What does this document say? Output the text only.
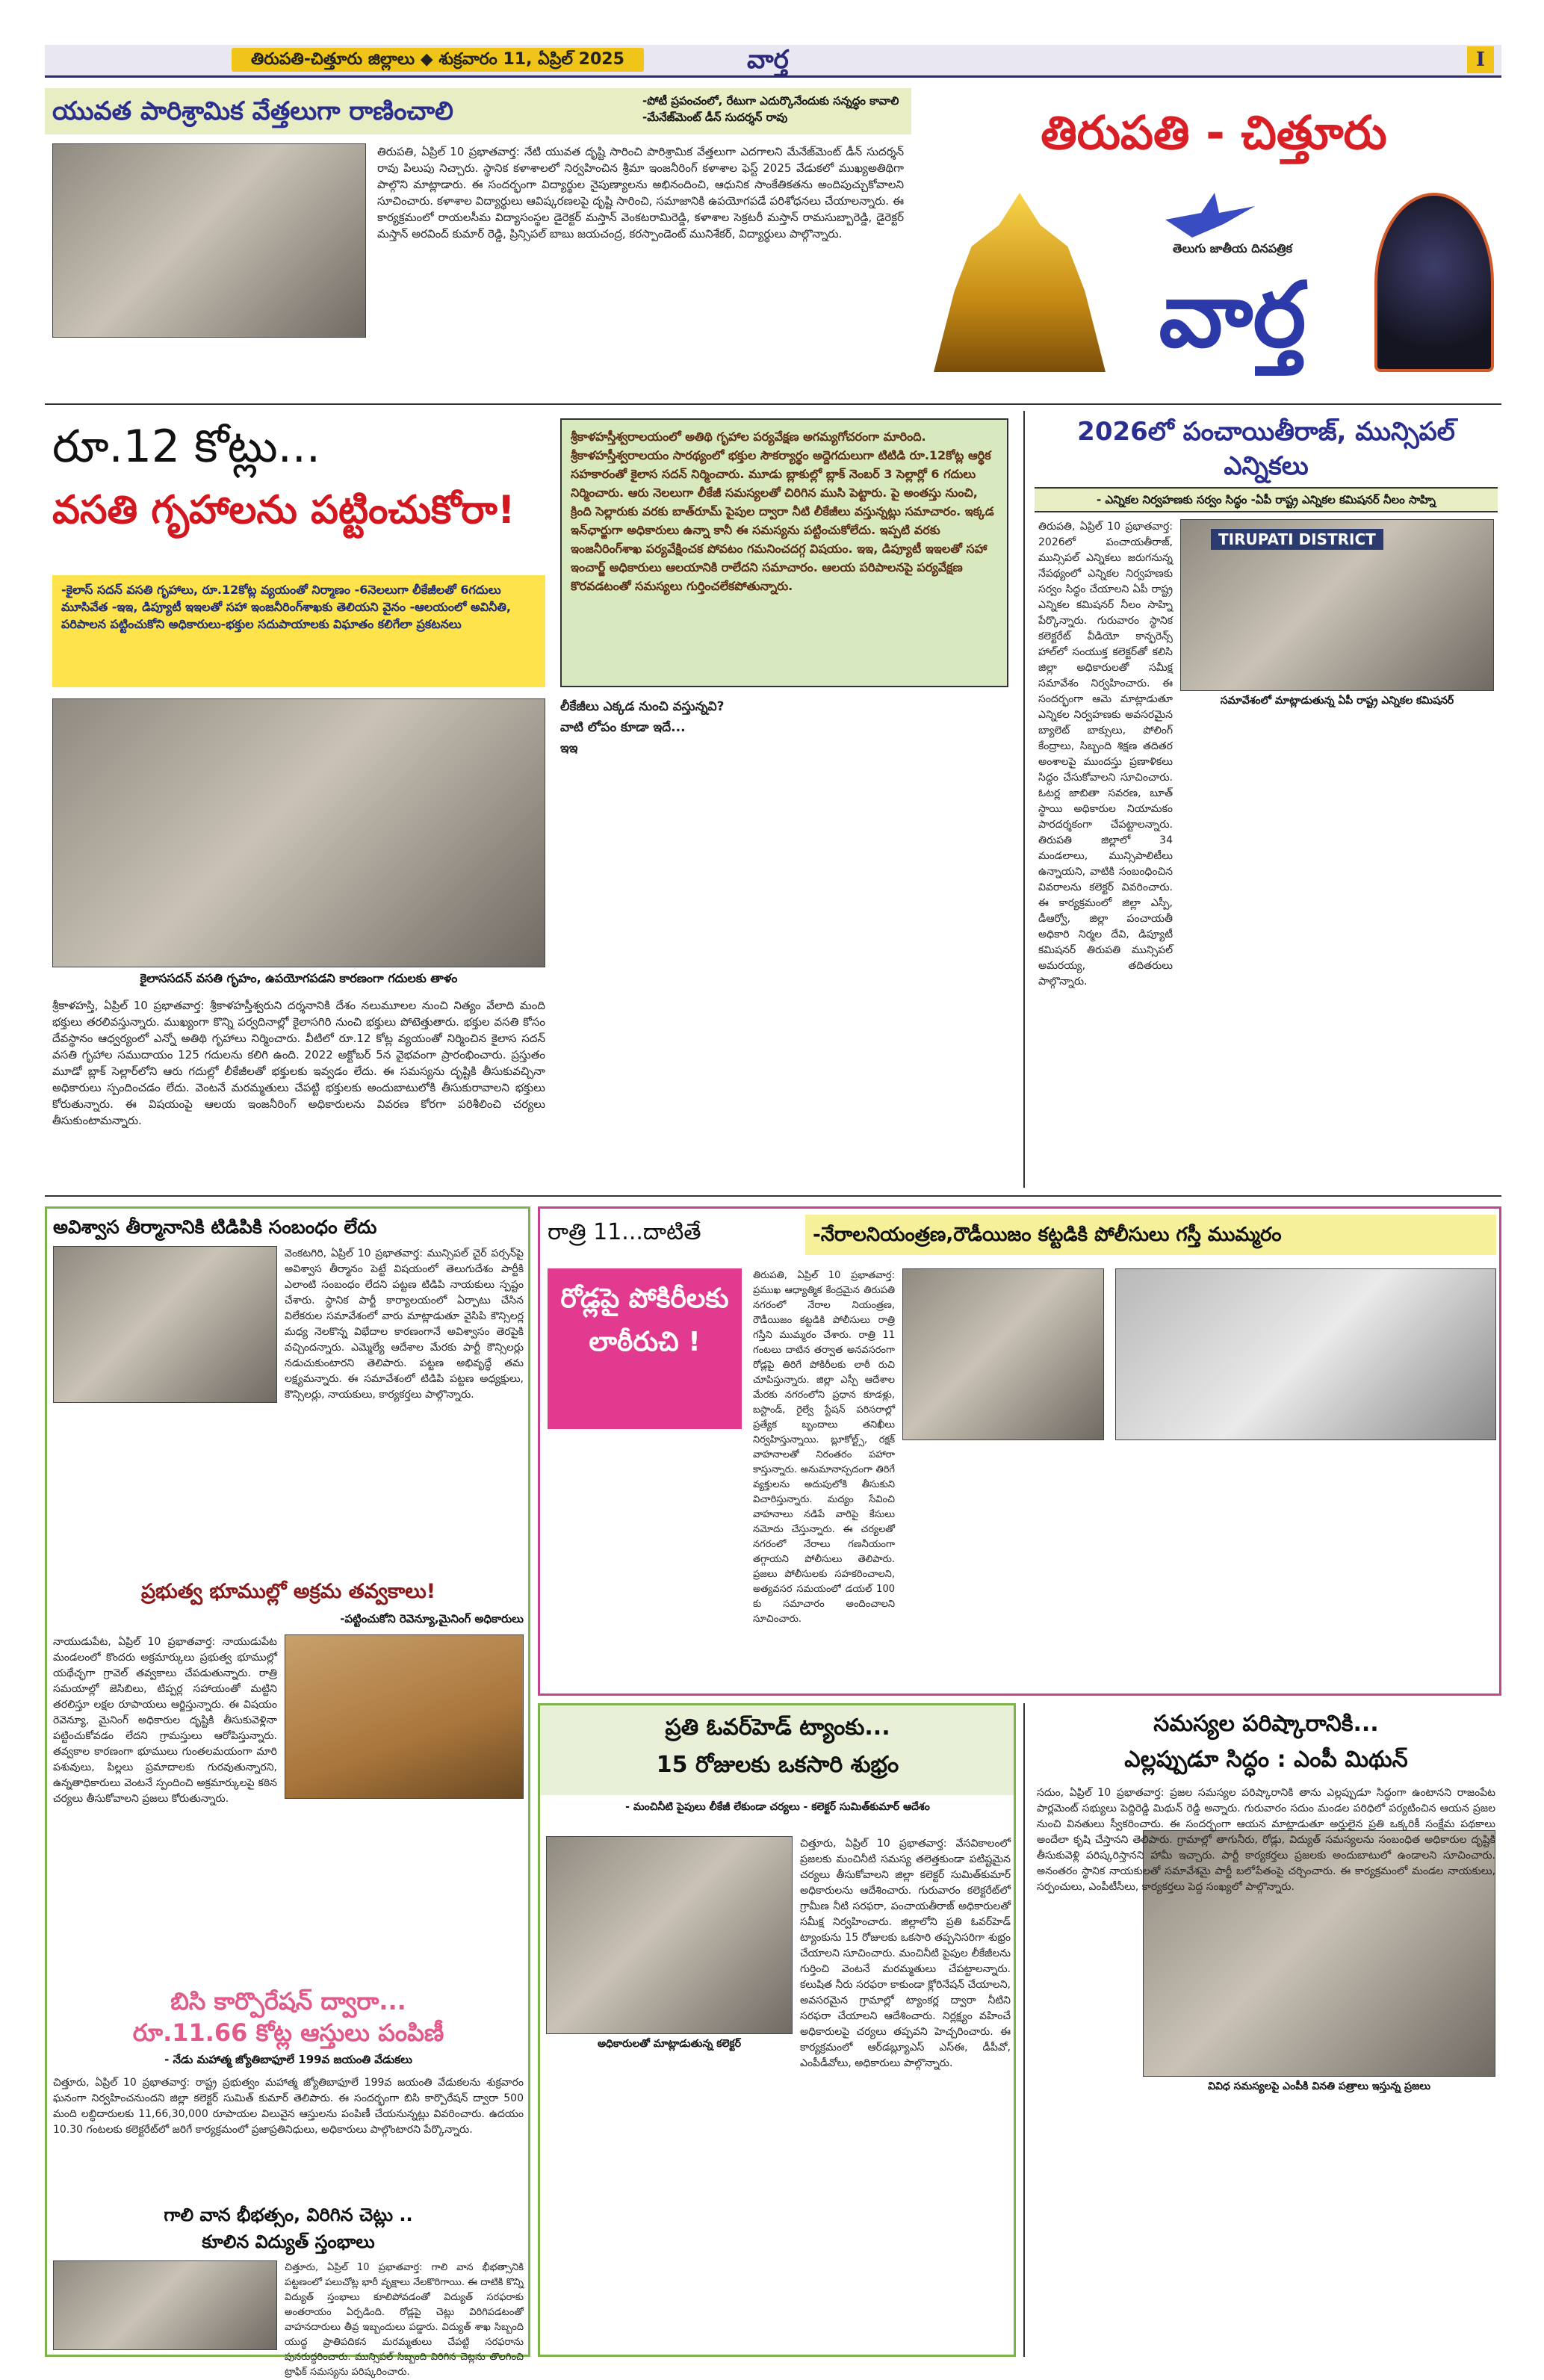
తిరుపతి-చిత్తూరు జిల్లాలు ◆ శుక్రవారం 11, ఏప్రిల్ 2025	వార్త	I
యువత పారిశ్రామిక వేత్తలుగా రాణించాలి	-పోటీ ప్రపంచంలో, రేటుగా ఎదుర్కొనేందుకు సన్నద్ధం కావాలి -మేనేజ్‌మెంట్ డీన్ సుదర్శన్ రావు
తిరుపతి, ఏప్రిల్ 10 ప్రభాతవార్త: నేటి యువత దృష్టి సారించి పారిశ్రామిక వేత్తలుగా ఎదగాలని మేనేజ్‌మెంట్ డీన్ సుదర్శన్ రావు పిలుపు నిచ్చారు. స్థానిక కళాశాలలో నిర్వహించిన శ్రీమా ఇంజనీరింగ్ కళాశాల ఫెస్ట్ 2025 వేడుకలో ముఖ్యఅతిథిగా పాల్గొని మాట్లాడారు. ఈ సందర్భంగా విద్యార్థుల నైపుణ్యాలను అభినందించి, ఆధునిక సాంకేతికతను అందిపుచ్చుకోవాలని సూచించారు. కళాశాల విద్యార్థులు ఆవిష్కరణలపై దృష్టి సారించి, సమాజానికి ఉపయోగపడే పరిశోధనలు చేయాలన్నారు. ఈ కార్యక్రమంలో రాయలసీమ విద్యాసంస్థల డైరెక్టర్ మస్తాన్ వెంకటరామిరెడ్డి, కళాశాల సెక్రటరీ మస్తాన్ రామసుబ్బారెడ్డి, డైరెక్టర్ మస్తాన్ అరవింద్ కుమార్ రెడ్డి, ప్రిన్సిపల్ బాబు జయచంద్ర, కరస్పాండెంట్ మునిశేకర్, విద్యార్థులు పాల్గొన్నారు.
తిరుపతి - చిత్తూరు
తెలుగు జాతీయ దినపత్రిక
వార్త
రూ.12 కోట్లు...
వసతి గృహాలను పట్టించుకోరా!
-కైలాస్ సదన్ వసతి గృహాలు, రూ.12కోట్ల వ్యయంతో నిర్మాణం -6నెలలుగా లీకేజీలతో 6గదులు మూసివేత -ఇఇ, డిప్యూటీ ఇఇలతో సహా ఇంజనీరింగ్‌శాఖకు తెలియని వైనం -ఆలయంలో అవినీతి, పరిపాలన పట్టించుకోని అధికారులు-భక్తుల సదుపాయాలకు విఘాతం కలిగేలా ప్రకటనలు
శ్రీకాళహస్తీశ్వరాలయంలో అతిథి గృహాల పర్యవేక్షణ అగమ్యగోచరంగా మారింది. శ్రీకాళహస్తీశ్వరాలయం సారథ్యంలో భక్తుల సౌకర్యార్థం అద్దెగదులుగా టిటిడి రూ.12కోట్ల ఆర్థిక సహకారంతో కైలాస సదన్ నిర్మించారు. మూడు బ్లాకుల్లో బ్లాక్ నెంబర్ 3 సెల్లార్లో 6 గదులు నిర్మించారు. ఆరు నెలలుగా లీకేజీ సమస్యలతో చిరిగిన ముసి పెట్టారు. పై అంతస్తు నుంచి, క్రింది సెల్లారుకు వరకు బాత్‌రూమ్ పైపుల ద్వారా నీటి లీకేజీలు వస్తున్నట్లు సమాచారం. ఇక్కడ ఇన్‌ఛార్జుగా అధికారులు ఉన్నా కానీ ఈ సమస్యను పట్టించుకోలేదు. ఇప్పటి వరకు ఇంజనీరింగ్‌శాఖ పర్యవేక్షించక పోవటం గమనించదగ్గ విషయం. ఇఇ, డిప్యూటీ ఇఇలతో సహా ఇంచార్జ్ అధికారులు ఆలయానికి రాలేదని సమాచారం. ఆలయ పరిపాలనపై పర్యవేక్షణ కొరవడటంతో సమస్యలు గుర్తించలేకపోతున్నారు.
కైలాససదన్ వసతి గృహం, ఉపయోగపడని కారణంగా గదులకు తాళం
శ్రీకాళహస్తి, ఏప్రిల్ 10 ప్రభాతవార్త: శ్రీకాళహస్తీశ్వరుని దర్శనానికి దేశం నలుమూలల నుంచి నిత్యం వేలాది మంది భక్తులు తరలివస్తున్నారు. ముఖ్యంగా కొన్ని పర్వదినాల్లో కైలాసగిరి నుంచి భక్తులు పోటెత్తుతారు. భక్తుల వసతి కోసం దేవస్థానం ఆధ్వర్యంలో ఎన్నో అతిథి గృహాలు నిర్మించారు. వీటిలో రూ.12 కోట్ల వ్యయంతో నిర్మించిన కైలాస సదన్ వసతి గృహాల సముదాయం 125 గదులను కలిగి ఉంది. 2022 అక్టోబర్ 5న వైభవంగా ప్రారంభించారు. ప్రస్తుతం మూడో బ్లాక్ సెల్లార్‌లోని ఆరు గదుల్లో లీకేజీలతో భక్తులకు ఇవ్వడం లేదు. ఈ సమస్యను దృష్టికి తీసుకువచ్చినా అధికారులు స్పందించడం లేదు. వెంటనే మరమ్మతులు చేపట్టి భక్తులకు అందుబాటులోకి తీసుకురావాలని భక్తులు కోరుతున్నారు. ఈ విషయంపై ఆలయ ఇంజనీరింగ్ అధికారులను వివరణ కోరగా పరిశీలించి చర్యలు తీసుకుంటామన్నారు.
లీకేజీలు ఎక్కడ నుంచి వస్తున్నవి?
వాటి లోపం కూడా ఇదే...
ఇఇ
2026లో పంచాయితీరాజ్, మున్సిపల్ ఎన్నికలు
- ఎన్నికల నిర్వహణకు సర్వం సిద్ధం -ఏపీ రాష్ట్ర ఎన్నికల కమిషనర్ నీలం సాహ్ని
TIRUPATI DISTRICT
సమావేశంలో మాట్లాడుతున్న ఏపీ రాష్ట్ర ఎన్నికల కమిషనర్
తిరుపతి, ఏప్రిల్ 10 ప్రభాతవార్త: 2026లో పంచాయతీరాజ్, మున్సిపల్ ఎన్నికలు జరుగనున్న నేపథ్యంలో ఎన్నికల నిర్వహణకు సర్వం సిద్ధం చేయాలని ఏపీ రాష్ట్ర ఎన్నికల కమిషనర్ నీలం సాహ్ని పేర్కొన్నారు. గురువారం స్థానిక కలెక్టరేట్ వీడియో కాన్ఫరెన్స్ హాల్‌లో సంయుక్త కలెక్టర్‌తో కలిసి జిల్లా అధికారులతో సమీక్ష సమావేశం నిర్వహించారు. ఈ సందర్భంగా ఆమె మాట్లాడుతూ ఎన్నికల నిర్వహణకు అవసరమైన బ్యాలెట్ బాక్సులు, పోలింగ్ కేంద్రాలు, సిబ్బంది శిక్షణ తదితర అంశాలపై ముందస్తు ప్రణాళికలు సిద్ధం చేసుకోవాలని సూచించారు. ఓటర్ల జాబితా సవరణ, బూత్ స్థాయి అధికారుల నియామకం పారదర్శకంగా చేపట్టాలన్నారు. తిరుపతి జిల్లాలో 34 మండలాలు, మున్సిపాలిటీలు ఉన్నాయని, వాటికి సంబంధించిన వివరాలను కలెక్టర్ వివరించారు. ఈ కార్యక్రమంలో జిల్లా ఎస్పీ, డీఆర్వో, జిల్లా పంచాయతీ అధికారి నిర్మల దేవి, డిప్యూటీ కమిషనర్ తిరుపతి మున్సిపల్ అమరయ్య, తదితరులు పాల్గొన్నారు.
అవిశ్వాస తీర్మానానికి టిడిపికి సంబంధం లేదు
వెంకటగిరి, ఏప్రిల్ 10 ప్రభాతవార్త: మున్సిపల్ చైర్ పర్సన్‌పై అవిశ్వాస తీర్మానం పెట్టే విషయంలో తెలుగుదేశం పార్టీకి ఎలాంటి సంబంధం లేదని పట్టణ టిడిపి నాయకులు స్పష్టం చేశారు. స్థానిక పార్టీ కార్యాలయంలో ఏర్పాటు చేసిన విలేకరుల సమావేశంలో వారు మాట్లాడుతూ వైసిపి కౌన్సిలర్ల మధ్య నెలకొన్న విభేదాల కారణంగానే అవిశ్వాసం తెరపైకి వచ్చిందన్నారు. ఎమ్మెల్యే ఆదేశాల మేరకు పార్టీ కౌన్సిలర్లు నడుచుకుంటారని తెలిపారు. పట్టణ అభివృద్ధే తమ లక్ష్యమన్నారు. ఈ సమావేశంలో టిడిపి పట్టణ అధ్యక్షులు, కౌన్సిలర్లు, నాయకులు, కార్యకర్తలు పాల్గొన్నారు.
ప్రభుత్వ భూముల్లో అక్రమ తవ్వకాలు!
-పట్టించుకోని రెవెన్యూ,మైనింగ్ అధికారులు
నాయుడుపేట, ఏప్రిల్ 10 ప్రభాతవార్త: నాయుడుపేట మండలంలో కొందరు అక్రమార్కులు ప్రభుత్వ భూముల్లో యథేచ్ఛగా గ్రావెల్ తవ్వకాలు చేపడుతున్నారు. రాత్రి సమయాల్లో జెసిబిలు, టిప్పర్ల సహాయంతో మట్టిని తరలిస్తూ లక్షల రూపాయలు ఆర్జిస్తున్నారు. ఈ విషయం రెవెన్యూ, మైనింగ్ అధికారుల దృష్టికి తీసుకువెళ్లినా పట్టించుకోవడం లేదని గ్రామస్తులు ఆరోపిస్తున్నారు. తవ్వకాల కారణంగా భూములు గుంతలమయంగా మారి పశువులు, పిల్లలు ప్రమాదాలకు గురవుతున్నారని, ఉన్నతాధికారులు వెంటనే స్పందించి అక్రమార్కులపై కఠిన చర్యలు తీసుకోవాలని ప్రజలు కోరుతున్నారు.
బిసి కార్పొరేషన్ ద్వారా...
రూ.11.66 కోట్ల ఆస్తులు పంపిణీ
- నేడు మహాత్మ జ్యోతిబాఫూలే 199వ జయంతి వేడుకలు
చిత్తూరు, ఏప్రిల్ 10 ప్రభాతవార్త: రాష్ట్ర ప్రభుత్వం మహాత్మ జ్యోతిబాఫూలే 199వ జయంతి వేడుకలను శుక్రవారం ఘనంగా నిర్వహించనుందని జిల్లా కలెక్టర్ సుమిత్ కుమార్ తెలిపారు. ఈ సందర్భంగా బిసి కార్పొరేషన్ ద్వారా 500 మంది లబ్ధిదారులకు 11,66,30,000 రూపాయల విలువైన ఆస్తులను పంపిణీ చేయనున్నట్లు వివరించారు. ఉదయం 10.30 గంటలకు కలెక్టరేట్‌లో జరిగే కార్యక్రమంలో ప్రజాప్రతినిధులు, అధికారులు పాల్గొంటారని పేర్కొన్నారు.
గాలి వాన భీభత్సం, విరిగిన చెట్లు ..
కూలిన విద్యుత్ స్తంభాలు
చిత్తూరు, ఏప్రిల్ 10 ప్రభాతవార్త: గాలి వాన భీభత్సానికి పట్టణంలో పలుచోట్ల భారీ వృక్షాలు నేలకొరిగాయి. ఈ దాటికి కొన్ని విద్యుత్ స్తంభాలు కూలిపోవడంతో విద్యుత్ సరఫరాకు అంతరాయం ఏర్పడింది. రోడ్లపై చెట్లు విరిగిపడటంతో వాహనదారులు తీవ్ర ఇబ్బందులు పడ్డారు. విద్యుత్ శాఖ సిబ్బంది యుద్ధ ప్రాతిపదికన మరమ్మతులు చేపట్టి సరఫరాను పునరుద్ధరించారు. మున్సిపల్ సిబ్బంది విరిగిన చెట్లను తొలగించి ట్రాఫిక్ సమస్యను పరిష్కరించారు.
రాత్రి 11...దాటితే	-నేరాలనియంత్రణ,రౌడీయిజం కట్టడికి పోలీసులు గస్తీ ముమ్మరం
రోడ్లపై పోకిరీలకు లాఠీరుచి !
తిరుపతి, ఏప్రిల్ 10 ప్రభాతవార్త: ప్రముఖ ఆధ్యాత్మిక కేంద్రమైన తిరుపతి నగరంలో నేరాల నియంత్రణ, రౌడీయిజం కట్టడికి పోలీసులు రాత్రి గస్తీని ముమ్మరం చేశారు. రాత్రి 11 గంటలు దాటిన తర్వాత అనవసరంగా రోడ్లపై తిరిగే పోకిరీలకు లాఠీ రుచి చూపిస్తున్నారు. జిల్లా ఎస్పీ ఆదేశాల మేరకు నగరంలోని ప్రధాన కూడళ్లు, బస్టాండ్, రైల్వే స్టేషన్ పరిసరాల్లో ప్రత్యేక బృందాలు తనిఖీలు నిర్వహిస్తున్నాయి. బ్లూకోల్ట్స్, రక్షక్ వాహనాలతో నిరంతరం పహారా కాస్తున్నారు. అనుమానాస్పదంగా తిరిగే వ్యక్తులను అదుపులోకి తీసుకుని విచారిస్తున్నారు. మద్యం సేవించి వాహనాలు నడిపే వారిపై కేసులు నమోదు చేస్తున్నారు. ఈ చర్యలతో నగరంలో నేరాలు గణనీయంగా తగ్గాయని పోలీసులు తెలిపారు. ప్రజలు పోలీసులకు సహకరించాలని, అత్యవసర సమయంలో డయల్ 100 కు సమాచారం అందించాలని సూచించారు.
ప్రతి ఓవర్‌హెడ్ ట్యాంకు...
15 రోజులకు ఒకసారి శుభ్రం
- మంచినీటి పైపులు లీకేజీ లేకుండా చర్యలు - కలెక్టర్ సుమిత్‌కుమార్ ఆదేశం
అధికారులతో మాట్లాడుతున్న కలెక్టర్
చిత్తూరు, ఏప్రిల్ 10 ప్రభాతవార్త: వేసవికాలంలో ప్రజలకు మంచినీటి సమస్య తలెత్తకుండా పటిష్టమైన చర్యలు తీసుకోవాలని జిల్లా కలెక్టర్ సుమిత్‌కుమార్ అధికారులను ఆదేశించారు. గురువారం కలెక్టరేట్‌లో గ్రామీణ నీటి సరఫరా, పంచాయతీరాజ్ అధికారులతో సమీక్ష నిర్వహించారు. జిల్లాలోని ప్రతి ఓవర్‌హెడ్ ట్యాంకును 15 రోజులకు ఒకసారి తప్పనిసరిగా శుభ్రం చేయాలని సూచించారు. మంచినీటి పైపుల లీకేజీలను గుర్తించి వెంటనే మరమ్మతులు చేపట్టాలన్నారు. కలుషిత నీరు సరఫరా కాకుండా క్లోరినేషన్ చేయాలని, అవసరమైన గ్రామాల్లో ట్యాంకర్ల ద్వారా నీటిని సరఫరా చేయాలని ఆదేశించారు. నిర్లక్ష్యం వహించే అధికారులపై చర్యలు తప్పవని హెచ్చరించారు. ఈ కార్యక్రమంలో ఆర్‌డబ్ల్యూఎస్ ఎస్‌ఈ, డీపీవో, ఎంపీడీవోలు, అధికారులు పాల్గొన్నారు.
సమస్యల పరిష్కారానికి...
ఎల్లప్పుడూ సిద్ధం : ఎంపీ మిథున్
వివిధ సమస్యలపై ఎంపీకి వినతి పత్రాలు ఇస్తున్న ప్రజలు
సదుం, ఏప్రిల్ 10 ప్రభాతవార్త: ప్రజల సమస్యల పరిష్కారానికి తాను ఎల్లప్పుడూ సిద్ధంగా ఉంటానని రాజంపేట పార్లమెంట్ సభ్యులు పెద్దిరెడ్డి మిథున్ రెడ్డి అన్నారు. గురువారం సదుం మండల పరిధిలో పర్యటించిన ఆయన ప్రజల నుంచి వినతులు స్వీకరించారు. ఈ సందర్భంగా ఆయన మాట్లాడుతూ అర్హులైన ప్రతి ఒక్కరికీ సంక్షేమ పథకాలు అందేలా కృషి చేస్తానని తెలిపారు. గ్రామాల్లో తాగునీరు, రోడ్లు, విద్యుత్ సమస్యలను సంబంధిత అధికారుల దృష్టికి తీసుకువెళ్లి పరిష్కరిస్తానని హామీ ఇచ్చారు. పార్టీ కార్యకర్తలు ప్రజలకు అందుబాటులో ఉండాలని సూచించారు. అనంతరం స్థానిక నాయకులతో సమావేశమై పార్టీ బలోపేతంపై చర్చించారు. ఈ కార్యక్రమంలో మండల నాయకులు, సర్పంచులు, ఎంపీటీసీలు, కార్యకర్తలు పెద్ద సంఖ్యలో పాల్గొన్నారు.
